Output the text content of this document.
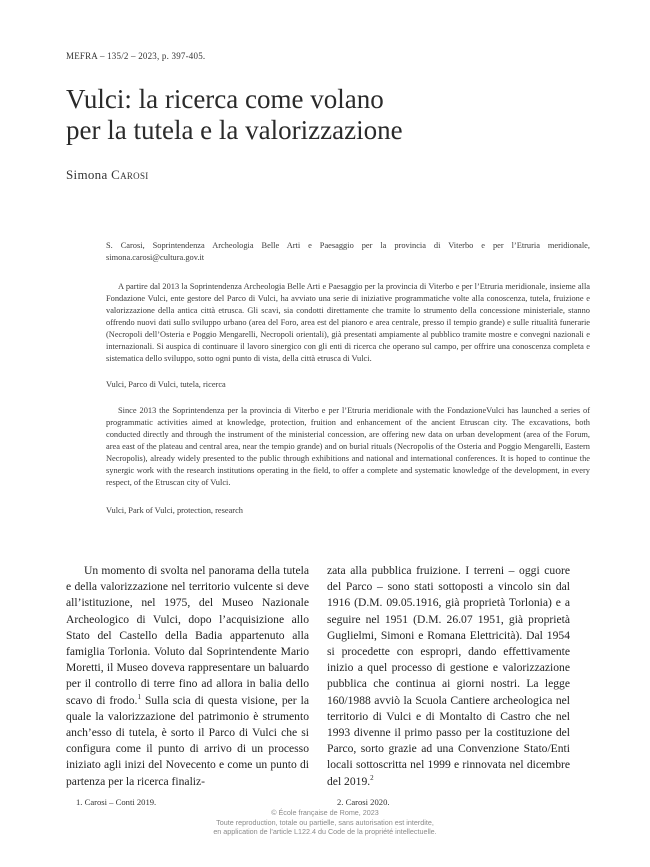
MEFRA – 135/2 – 2023, p. 397-405.
Vulci: la ricerca come volano
per la tutela e la valorizzazione
Simona Carosi

S. Carosi, Soprintendenza Archeologia Belle Arti e Paesaggio per la provincia di Viterbo e per l’Etruria meridionale, simona.carosi@cultura.gov.it

A partire dal 2013 la Soprintendenza Archeologia Belle Arti e Paesaggio per la provincia di Viterbo e per l’Etruria meridionale, insieme alla Fondazione Vulci, ente gestore del Parco di Vulci, ha avviato una serie di iniziative programmatiche volte alla conoscenza, tutela, fruizione e valorizzazione della antica città etrusca. Gli scavi, sia condotti direttamente che tramite lo strumento della concessione ministeriale, stanno offrendo nuovi dati sullo sviluppo urbano (area del Foro, area est del pianoro e area centrale, presso il tempio grande) e sulle ritualità funerarie (Necropoli dell’Osteria e Poggio Mengarelli, Necropoli orientali), già presentati ampiamente al pubblico tramite mostre e convegni nazionali e internazionali. Si auspica di continuare il lavoro sinergico con gli enti di ricerca che operano sul campo, per offrire una conoscenza completa e sistematica dello sviluppo, sotto ogni punto di vista, della città etrusca di Vulci.

Vulci, Parco di Vulci, tutela, ricerca

Since 2013 the Soprintendenza per la provincia di Viterbo e per l’Etruria meridionale with the FondazioneVulci has launched a series of programmatic activities aimed at knowledge, protection, fruition and enhancement of the ancient Etruscan city. The excavations, both conducted directly and through the instrument of the ministerial concession, are offering new data on urban development (area of the Forum, area east of the plateau and central area, near the tempio grande) and on burial rituals (Necropolis of the Osteria and Poggio Mengarelli, Eastern Necropolis), already widely presented to the public through exhibitions and national and international conferences. It is hoped to continue the synergic work with the research institutions operating in the field, to offer a complete and systematic knowledge of the development, in every respect, of the Etruscan city of Vulci.

Vulci, Park of Vulci, protection, research

Un momento di svolta nel panorama della tutela e della valorizzazione nel territorio vulcente si deve all’istituzione, nel 1975, del Museo Nazionale Archeologico di Vulci, dopo l’acquisizione allo Stato del Castello della Badia appartenuto alla famiglia Torlonia. Voluto dal Soprintendente Mario Moretti, il Museo doveva rappresentare un baluardo per il controllo di terre fino ad allora in balia dello scavo di frodo.$^1$ Sulla scia di questa visione, per la quale la valorizzazione del patrimonio è strumento anch’esso di tutela, è sorto il Parco di Vulci che si configura come il punto di arrivo di un processo iniziato agli inizi del Novecento e come un punto di partenza per la ricerca finaliz-

zata alla pubblica fruizione. I terreni – oggi cuore del Parco – sono stati sottoposti a vincolo sin dal 1916 (D.M. 09.05.1916, già proprietà Torlonia) e a seguire nel 1951 (D.M. 26.07 1951, già proprietà Guglielmi, Simoni e Romana Elettricità). Dal 1954 si procedette con espropri, dando effettivamente inizio a quel processo di gestione e valorizzazione pubblica che continua ai giorni nostri. La legge 160/1988 avviò la Scuola Cantiere archeologica nel territorio di Vulci e di Montalto di Castro che nel 1993 divenne il primo passo per la costituzione del Parco, sorto grazie ad una Convenzione Stato/Enti locali sottoscritta nel 1999 e rinnovata nel dicembre del 2019.$^2$

1. Carosi – Conti 2019.	2. Carosi 2020.
© École française de Rome, 2023
Toute reproduction, totale ou partielle, sans autorisation est interdite,
en application de l’article L122.4 du Code de la propriété intellectuelle.
